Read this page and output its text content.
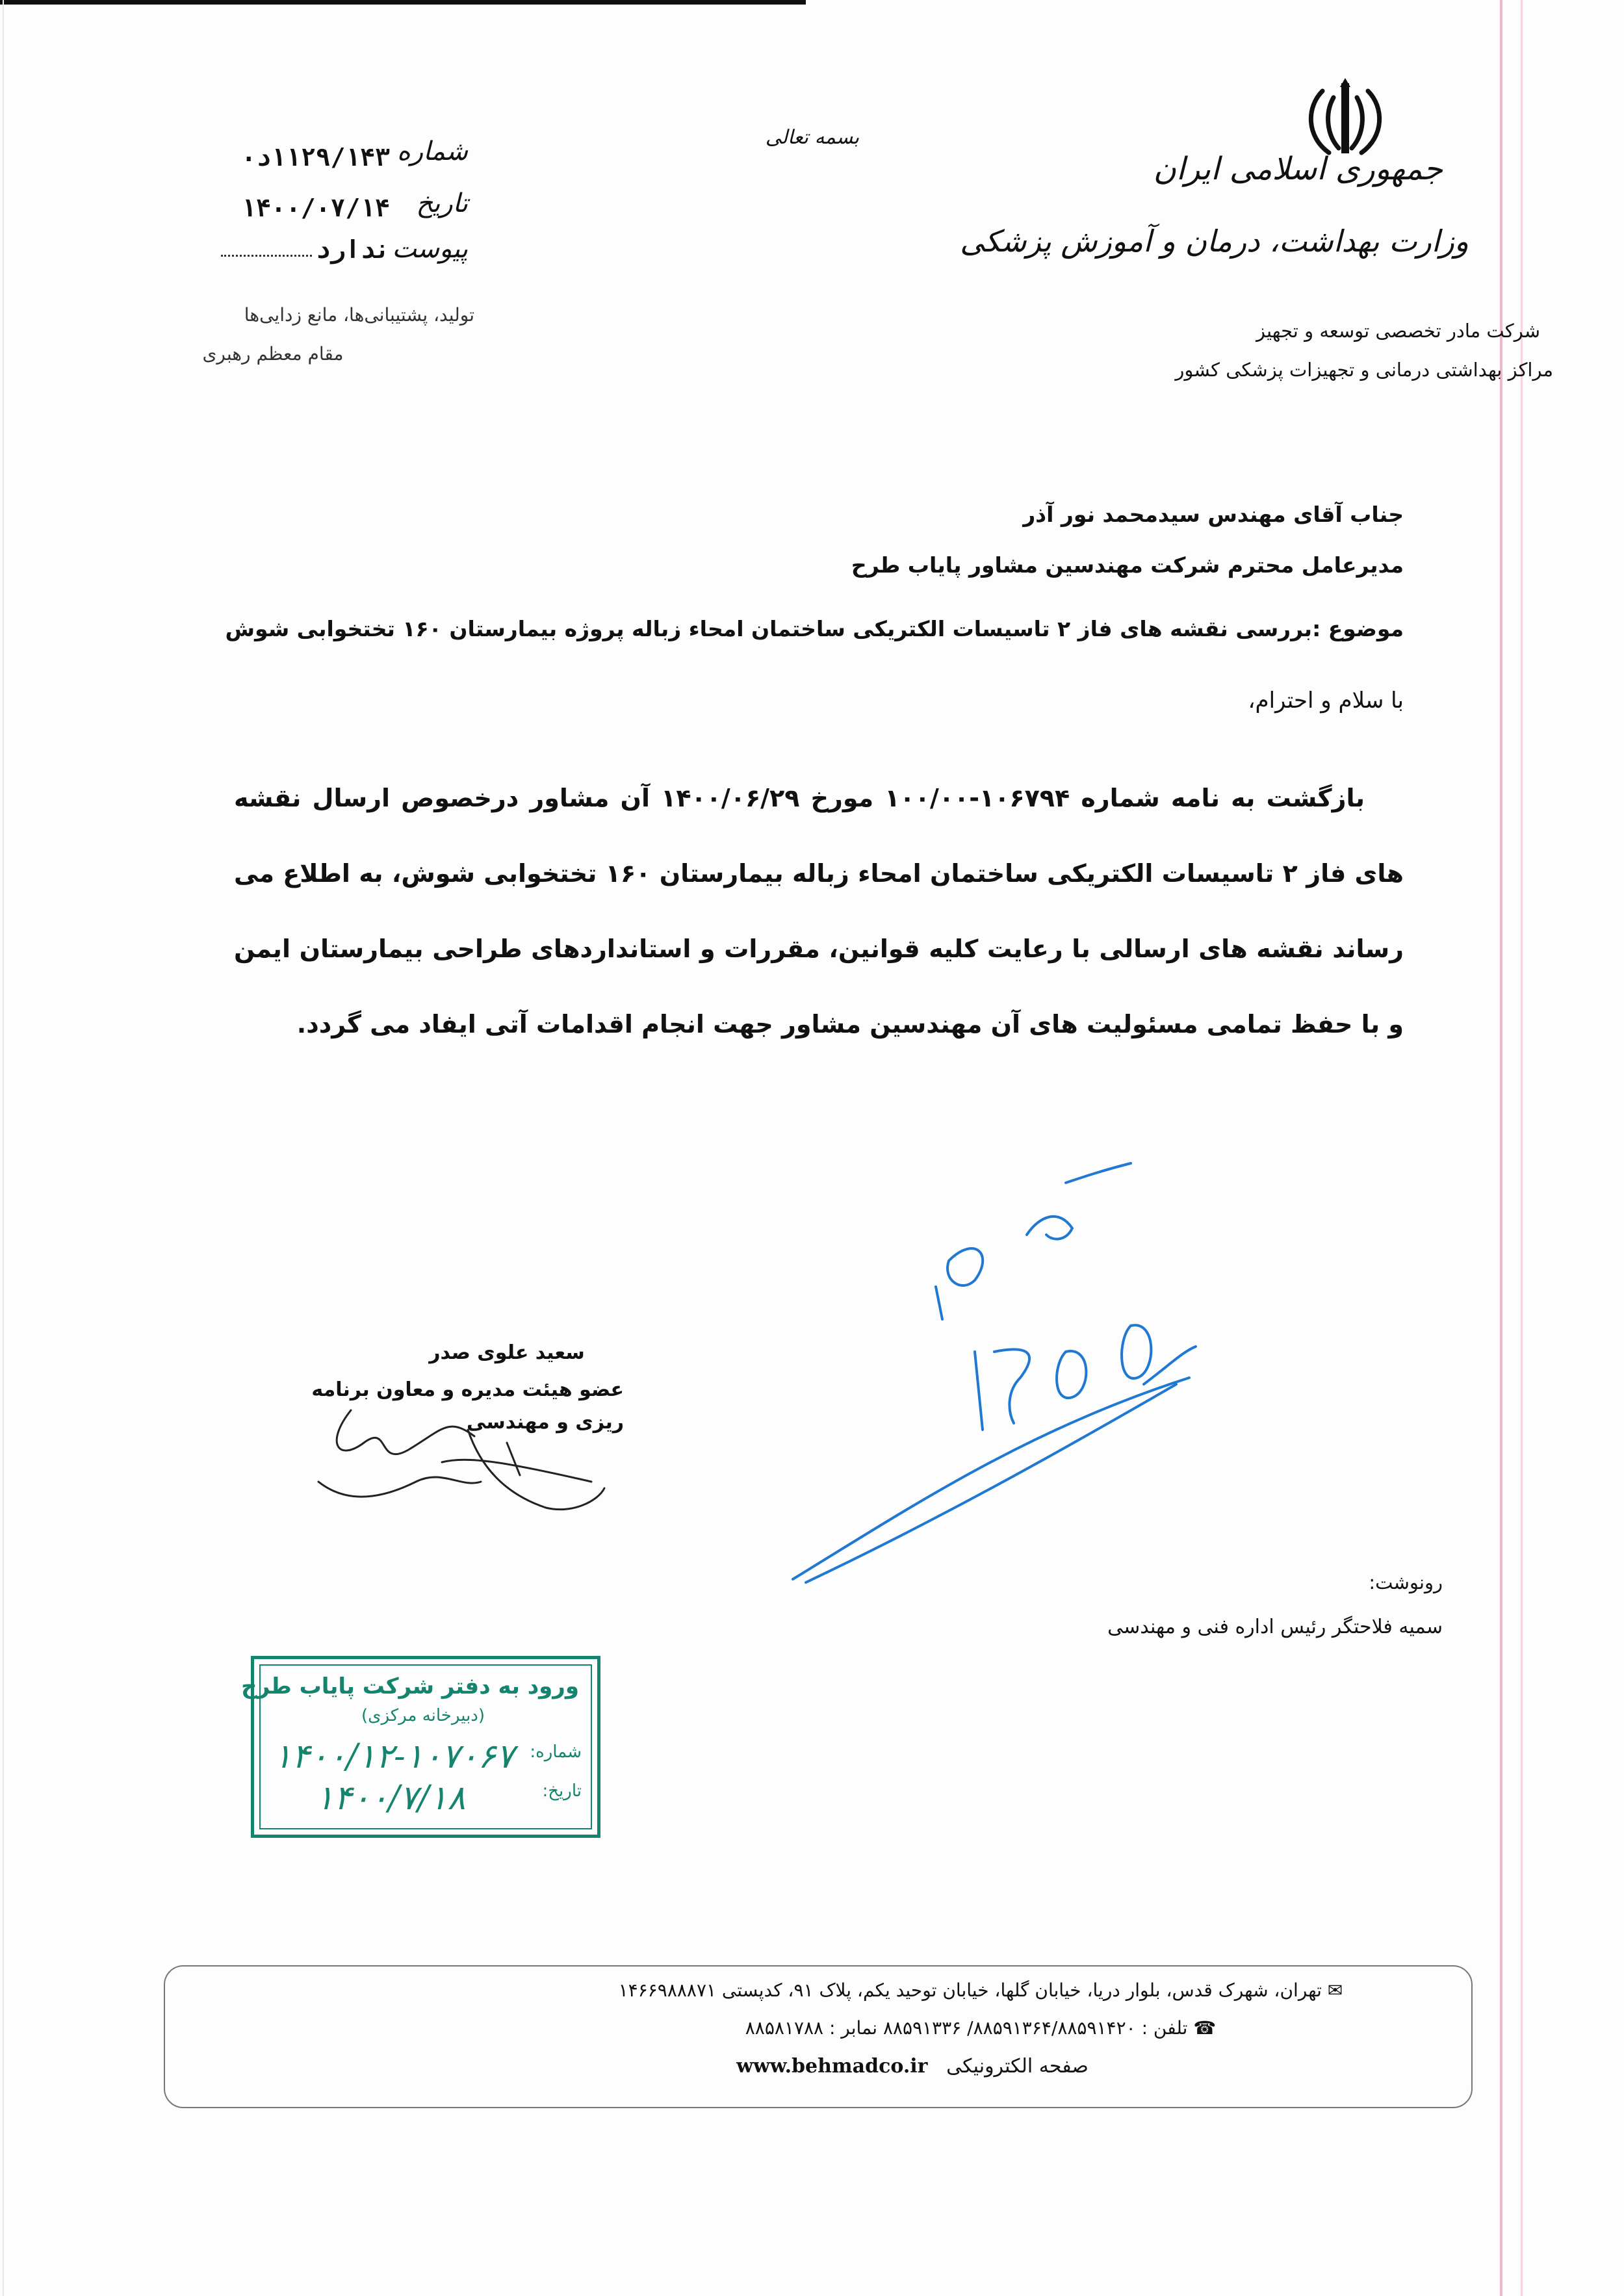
جمهوری اسلامی ایران
وزارت بهداشت، درمان و آموزش پزشکی
شرکت مادر تخصصی توسعه و تجهیز
مراکز بهداشتی درمانی و تجهیزات پزشکی کشور
بسمه تعالی
شماره
تاریخ
پیوست
۱۱۲۹/۱۴۳د۰
۱۴۰۰/۰۷/۱۴
ندارد
تولید، پشتیبانی‌ها، مانع زدایی‌ها
مقام معظم رهبری
جناب آقای مهندس سیدمحمد نور آذر
مدیرعامل محترم شرکت مهندسین مشاور پایاب طرح
موضوع :بررسی نقشه های فاز ۲ تاسیسات الکتریکی ساختمان امحاء زباله پروژه بیمارستان ۱۶۰ تختخوابی شوش
با سلام و احترام،

بازگشت به نامه شماره ۱۰۶۷۹۴-۱۰۰/۰۰ مورخ ۱۴۰۰/۰۶/۲۹ آن مشاور درخصوص ارسال نقشه های فاز ۲ تاسیسات الکتریکی ساختمان امحاء زباله بیمارستان ۱۶۰ تختخوابی شوش، به اطلاع می رساند نقشه های ارسالی با رعایت کلیه قوانین، مقررات و استانداردهای طراحی بیمارستان ایمن و با حفظ تمامی مسئولیت های آن مهندسین مشاور جهت انجام اقدامات آتی ایفاد می گردد.

سعید علوی صدر
عضو هیئت مدیره و معاون برنامه ریزی و مهندسی
رونوشت:
سمیه فلاحتگر رئیس اداره فنی و مهندسی
ورود به دفتر شرکت پایاب طرح
(دبیرخانه مرکزی)
شماره:
تاریخ:
۱۴۰۰/۱۲-۱۰۷۰۶۷
۱۴۰۰/۷/۱۸
✉ تهران، شهرک قدس، بلوار دریا، خیابان گلها، خیابان توحید یکم، پلاک ۹۱، کدپستی ۱۴۶۶۹۸۸۸۷۱
☎ تلفن : ۸۸۵۹۱۳۶۴/۸۸۵۹۱۴۲۰/ ۸۸۵۹۱۳۳۶ نمابر : ۸۸۵۸۱۷۸۸
صفحه الکترونیکی   www.behmadco.ir
